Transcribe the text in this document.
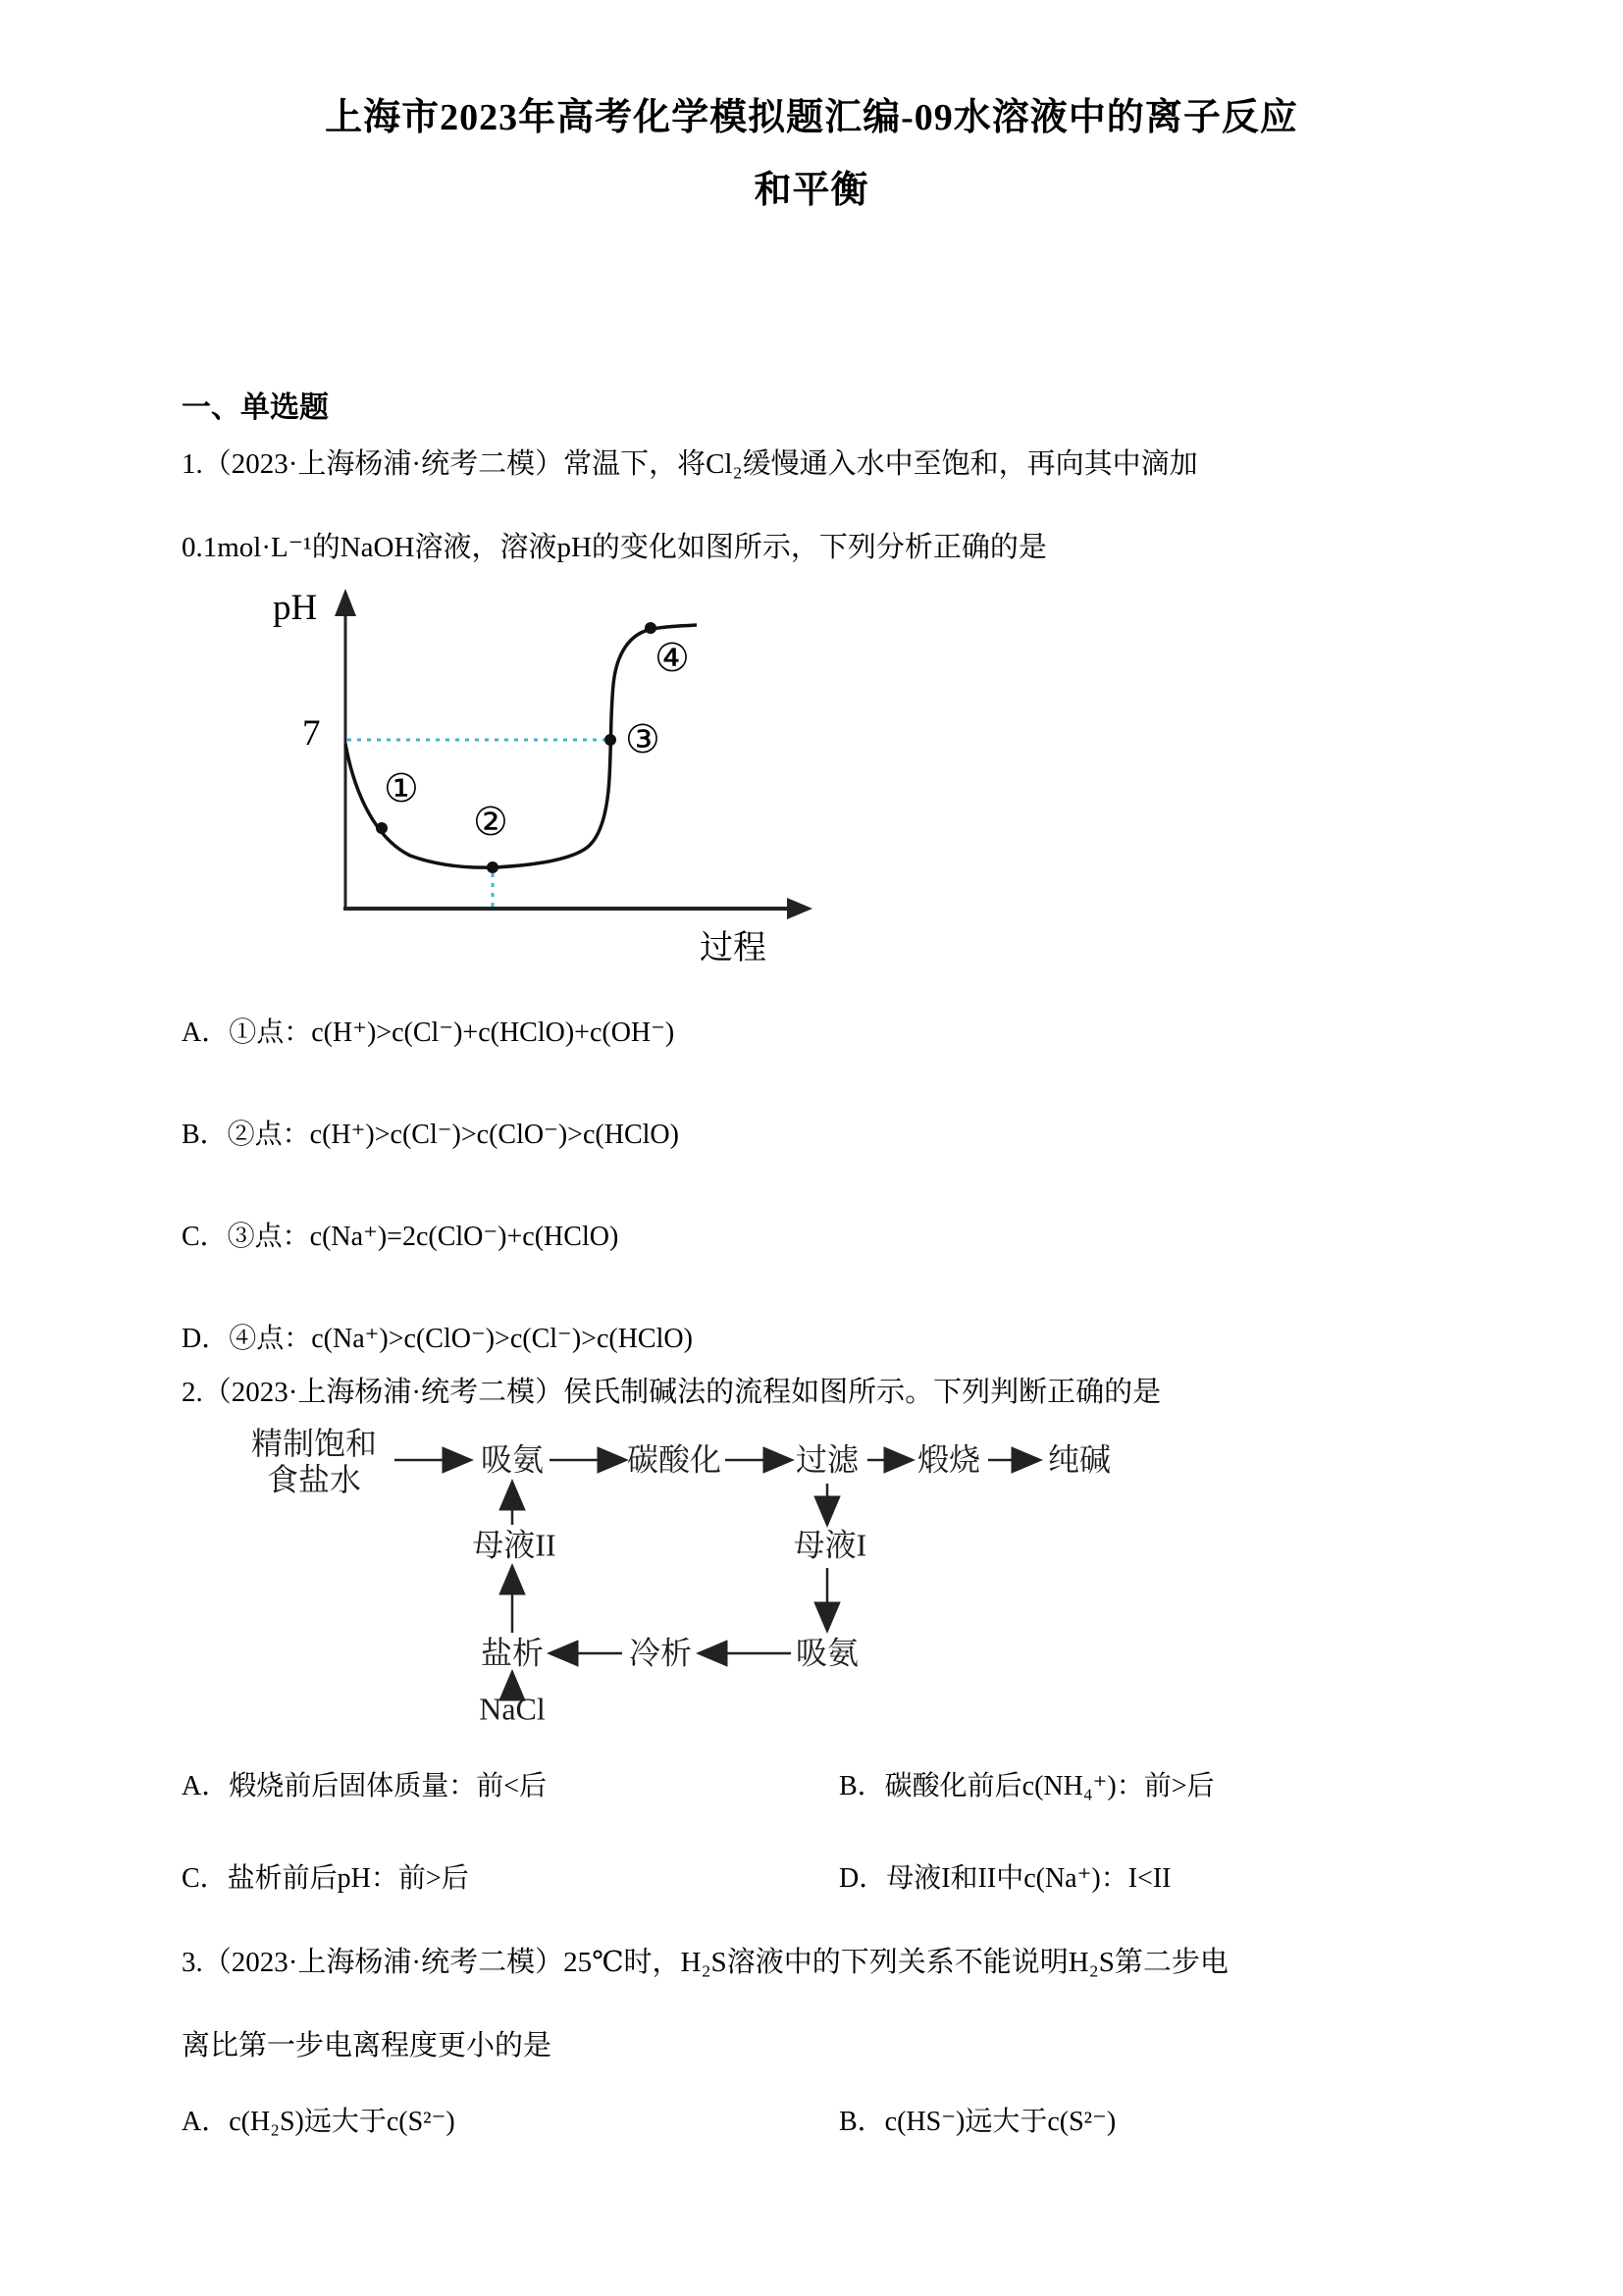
上海市2023年高考化学模拟题汇编-09水溶液中的离子反应
和平衡
一、单选题
1.（2023·上海杨浦·统考二模）常温下，将Cl₂缓慢通入水中至饱和，再向其中滴加
0.1mol·L⁻¹的NaOH溶液，溶液pH的变化如图所示，下列分析正确的是
pH
7
过程
①
②
③
④
A．①点：c(H⁺)>c(Cl⁻)+c(HClO)+c(OH⁻)
B．②点：c(H⁺)>c(Cl⁻)>c(ClO⁻)>c(HClO)
C．③点：c(Na⁺)=2c(ClO⁻)+c(HClO)
D．④点：c(Na⁺)>c(ClO⁻)>c(Cl⁻)>c(HClO)
2.（2023·上海杨浦·统考二模）侯氏制碱法的流程如图所示。下列判断正确的是
精制饱和
食盐水
吸氨	碳酸化 过滤 煅烧 纯碱
母液II	母液I
盐析	冷析	吸氨
NaCl
A．煅烧前后固体质量：前<后	B．碳酸化前后c(NH₄⁺)：前>后
C．盐析前后pH：前>后	D．母液I和II中c(Na⁺)：I<II
3.（2023·上海杨浦·统考二模）25℃时，H₂S溶液中的下列关系不能说明H₂S第二步电
离比第一步电离程度更小的是
A．c(H₂S)远大于c(S²⁻)	B．c(HS⁻)远大于c(S²⁻)
